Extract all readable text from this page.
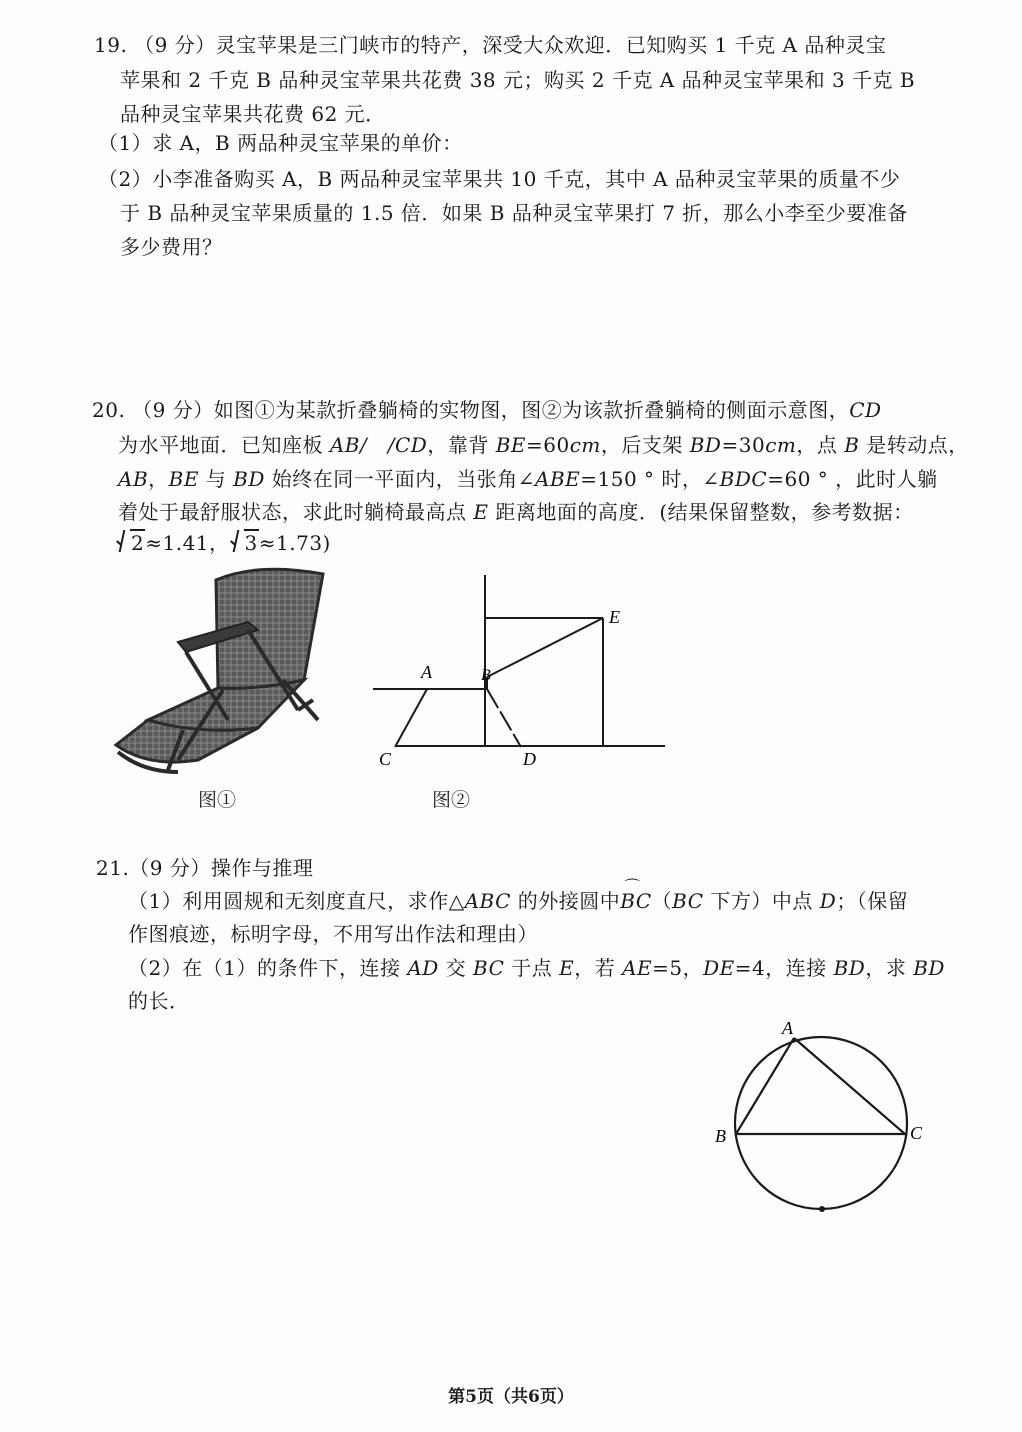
19. （9 分）灵宝苹果是三门峡市的特产，深受大众欢迎．已知购买 1 千克 A 品种灵宝
苹果和 2 千克 B 品种灵宝苹果共花费 38 元；购买 2 千克 A 品种灵宝苹果和 3 千克 B
品种灵宝苹果共花费 62 元．
（1）求 A，B 两品种灵宝苹果的单价：
（2）小李准备购买 A，B 两品种灵宝苹果共 10 千克，其中 A 品种灵宝苹果的质量不少
于 B 品种灵宝苹果质量的 1.5 倍．如果 B 品种灵宝苹果打 7 折，那么小李至少要准备
多少费用？
20. （9 分）如图①为某款折叠躺椅的实物图，图②为该款折叠躺椅的侧面示意图，CD
为水平地面．已知座板 AB/　/CD，靠背 BE=60cm，后支架 BD=30cm，点 B 是转动点，
AB，BE 与 BD 始终在同一平面内，当张角∠ABE=150 ° 时，∠BDC=60 ° ，此时人躺
着处于最舒服状态，求此时躺椅最高点 E 距离地面的高度．(结果保留整数，参考数据：
2≈1.41， 3≈1.73)
图①
A	B
E
C	D
图②
21.（9 分）操作与推理
（1）利用圆规和无刻度直尺，求作△ABC 的外接圆中⌒ BC（BC 下方）中点 D；（保留
作图痕迹，标明字母，不用写出作法和理由）
（2）在（1）的条件下，连接 AD 交 BC 于点 E，若 AE=5，DE=4，连接 BD，求 BD
的长．
A
B	C
第5页（共6页）
